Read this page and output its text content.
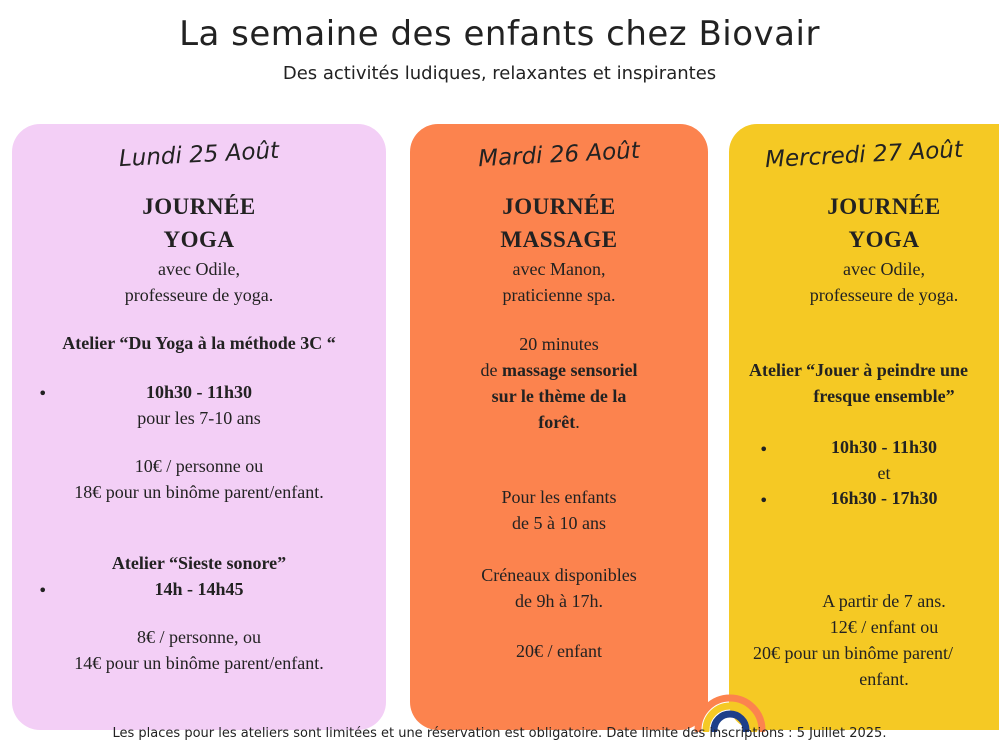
La semaine des enfants chez Biovair
Des activités ludiques, relaxantes et inspirantes
Lundi 25 Août
JOURNÉE
YOGA
avec Odile,
professeure de yoga.
Atelier “Du Yoga à la méthode 3C “
•	10h30 - 11h30
pour les 7-10 ans
10€ / personne ou
18€ pour un binôme parent/enfant.
Atelier “Sieste sonore”
•	14h - 14h45
8€ / personne, ou
14€ pour un binôme parent/enfant.
Mardi 26 Août
JOURNÉE
MASSAGE
avec Manon,
praticienne spa.
20 minutes
de massage sensoriel
sur le thème de la
forêt.
Pour les enfants
de 5 à 10 ans
Créneaux disponibles
de 9h à 17h.
20€ / enfant
Mercredi 27 Août
JOURNÉE
YOGA
avec Odile,
professeure de yoga.
Atelier “Jouer à peindre une
fresque ensemble”
•	10h30 - 11h30
et
•	16h30 - 17h30
A partir de 7 ans.
12€ / enfant ou
20€ pour un binôme parent/
enfant.
Les places pour les ateliers sont limitées et une réservation est obligatoire. Date limite des inscriptions : 5 Juillet 2025.
